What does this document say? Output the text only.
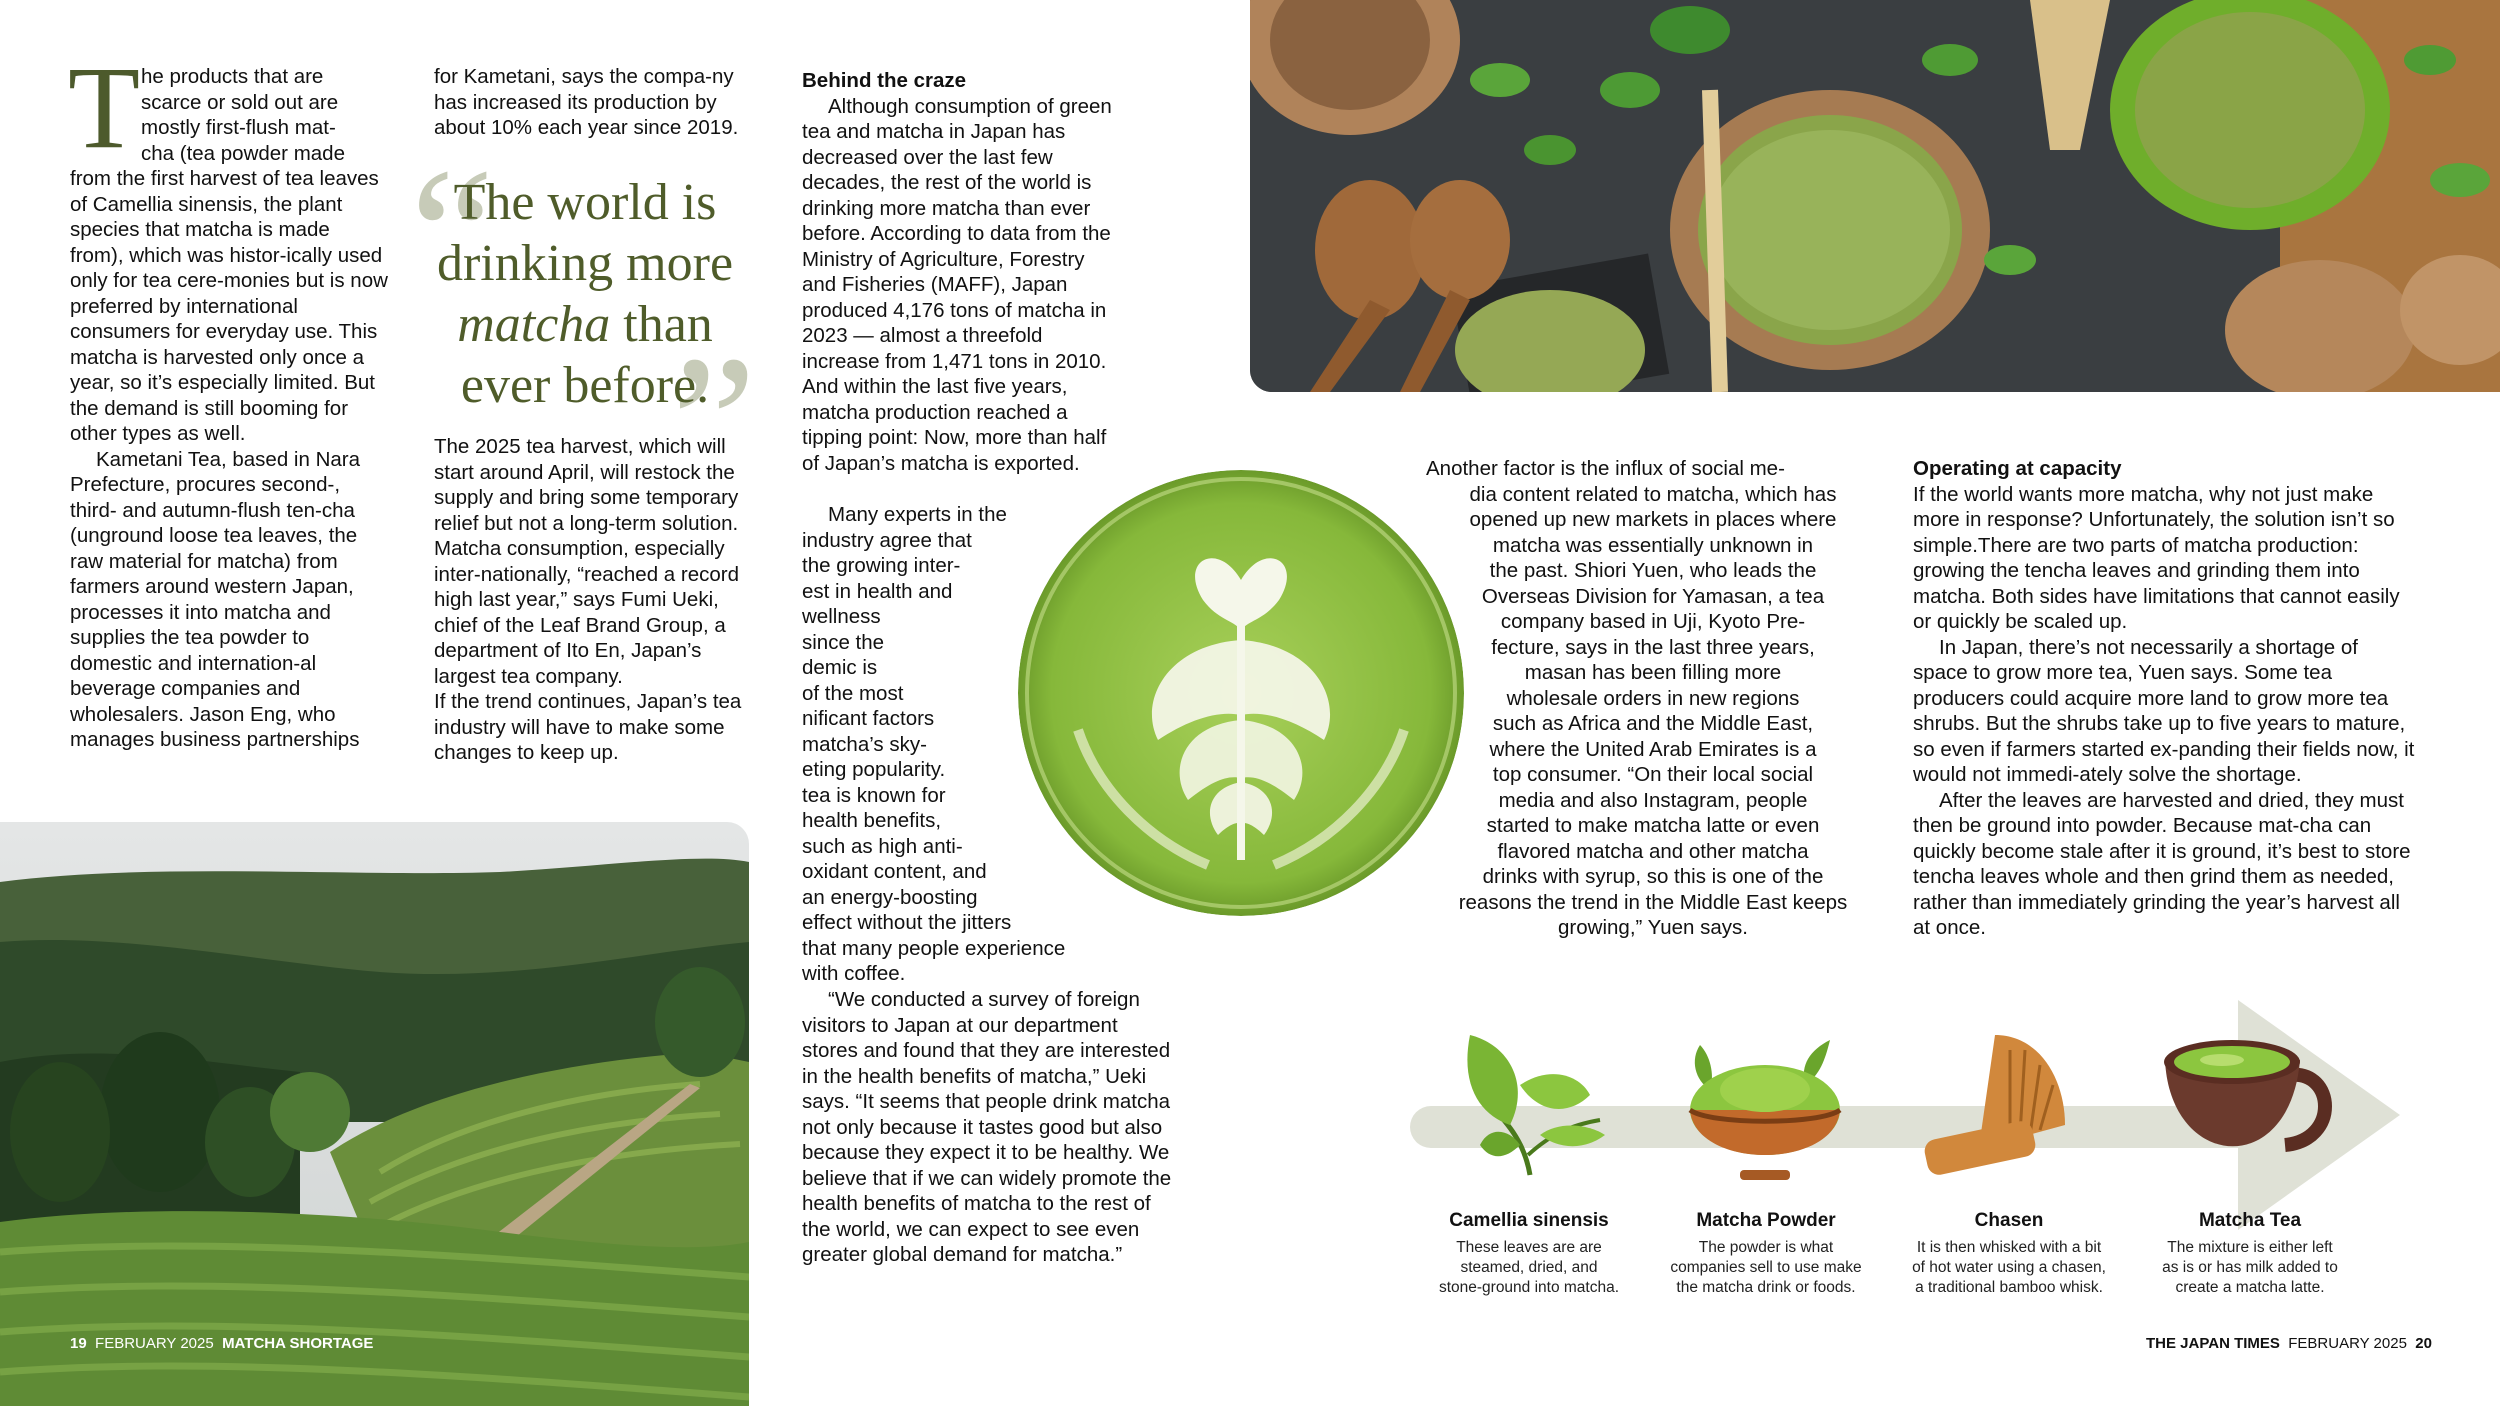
T he products that are
scarce or sold out are
mostly first-flush mat-
cha (tea powder made

from the first harvest of tea leaves of Camellia sinensis, the plant species that matcha is made from), which was histor-ically used only for tea cere-monies but is now preferred by international consumers for everyday use. This matcha is harvested only once a year, so it’s especially limited. But the demand is still booming for other types as well.

Kametani Tea, based in Nara Prefecture, procures second-, third- and autumn-flush ten-cha (unground loose tea leaves, the raw material for matcha) from farmers around western Japan, processes it into matcha and supplies the tea powder to domestic and internation-al beverage companies and wholesalers. Jason Eng, who manages business partnerships

for Kametani, says the compa-ny has increased its production by about 10% each year since 2019.

“
”
The world is
drinking more
matcha than
ever before.

The 2025 tea harvest, which will start around April, will restock the supply and bring some temporary relief but not a long-term solution. Matcha consumption, especially inter-nationally, “reached a record high last year,” says Fumi Ueki, chief of the Leaf Brand Group, a department of Ito En, Japan’s largest tea company.

If the trend continues, Japan’s tea industry will have to make some changes to keep up.

Behind the craze

Although consumption of green tea and matcha in Japan has decreased over the last few decades, the rest of the world is drinking more matcha than ever before. According to data from the Ministry of Agriculture, Forestry and Fisheries (MAFF), Japan produced 4,176 tons of matcha in 2023 — almost a threefold increase from 1,471 tons in 2010. And within the last five years, matcha production reached a tipping point: Now, more than half of Japan’s matcha is exported.

Many experts in the
industry agree that
the growing inter-
est in health and
wellness
since the
demic is
of the most
nificant factors
matcha’s sky-
eting popularity.
tea is known for
health benefits,
such as high anti-
oxidant content, and
an energy-boosting
effect without the jitters
that many people experience
with coffee.

“We conducted a survey of foreign visitors to Japan at our department stores and found that they are interested in the health benefits of matcha,” Ueki says. “It seems that people drink matcha not only because it tastes good but also because they expect it to be healthy. We believe that if we can widely promote the health benefits of matcha to the rest of the world, we can expect to see even greater global demand for matcha.”

Another factor is the influx of social me-
dia content related to matcha, which has
opened up new markets in places where
matcha was essentially unknown in
the past. Shiori Yuen, who leads the
Overseas Division for Yamasan, a tea
company based in Uji, Kyoto Pre-
fecture, says in the last three years,
masan has been filling more
wholesale orders in new regions
such as Africa and the Middle East,
where the United Arab Emirates is a
top consumer. “On their local social
media and also Instagram, people
started to make matcha latte or even
flavored matcha and other matcha
drinks with syrup, so this is one of the
reasons the trend in the Middle East keeps
growing,” Yuen says.

Operating at capacity

If the world wants more matcha, why not just make more in response? Unfortunately, the solution isn’t so simple.There are two parts of matcha production: growing the tencha leaves and grinding them into matcha. Both sides have limitations that cannot easily or quickly be scaled up.

In Japan, there’s not necessarily a shortage of space to grow more tea, Yuen says. Some tea producers could acquire more land to grow more tea shrubs. But the shrubs take up to five years to mature, so even if farmers started ex-panding their fields now, it would not immedi-ately solve the shortage.

After the leaves are harvested and dried, they must then be ground into powder. Because mat-cha can quickly become stale after it is ground, it’s best to store tencha leaves whole and then grind them as needed, rather than immediately grinding the year’s harvest all at once.

Camellia sinensis
These leaves are are
steamed, dried, and
stone-ground into matcha.
Matcha Powder
The powder is what
companies sell to use make
the matcha drink or foods.
Chasen
It is then whisked with a bit
of hot water using a chasen,
a traditional bamboo whisk.
Matcha Tea
The mixture is either left
as is or has milk added to
create a matcha latte.
19 FEBRUARY 2025 MATCHA SHORTAGE	THE JAPAN TIMES FEBRUARY 2025 20
